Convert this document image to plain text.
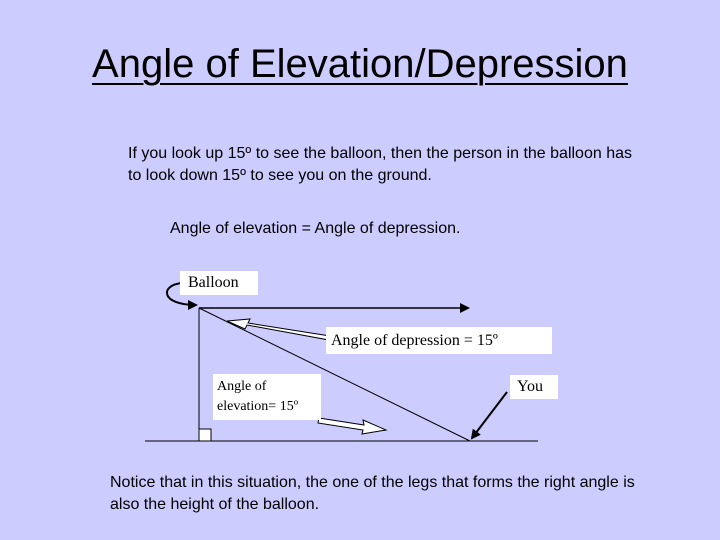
Angle of Elevation/Depression
If you look up 15º to see the balloon, then the person in the balloon has to look down 15º to see you on the ground.
Angle of elevation = Angle of depression.
Balloon
Angle of depression = 15º
Angle of
elevation= 15º
You
Notice that in this situation, the one of the legs that forms the right angle is also the height of the balloon.
